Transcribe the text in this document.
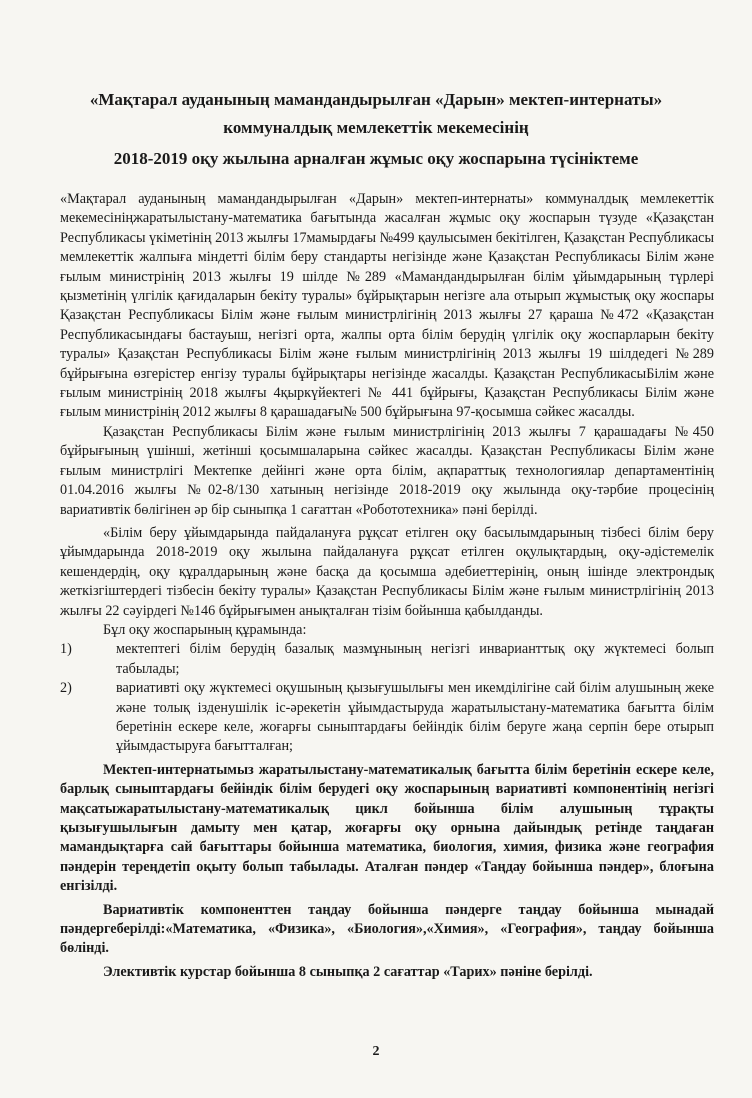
«Мақтарал ауданының мамандандырылған «Дарын» мектеп-интернаты»
коммуналдық мемлекеттік мекемесінің
2018-2019 оқу жылына арналған жұмыс оқу жоспарына түсініктеме

«Мақтарал ауданының мамандандырылған «Дарын» мектеп-интернаты» коммуналдық мемлекеттік мекемесініңжаратылыстану-математика бағытында жасалған жұмыс оқу жоспарын түзуде «Қазақстан Республикасы үкіметінің 2013 жылғы 17мамырдағы №499 қаулысымен бекітілген, Қазақстан Республикасы мемлекеттік жалпыға міндетті білім беру стандарты негізінде және Қазақстан Республикасы Білім және ғылым министрінің 2013 жылғы 19 шілде №289 «Мамандандырылған білім ұйымдарының түрлері қызметінің үлгілік қағидаларын бекіту туралы» бұйрықтарын негізге ала отырып жұмыстық оқу жоспары Қазақстан Республикасы Білім және ғылым министрлігінің 2013 жылғы 27 қараша №472 «Қазақстан Республикасындағы бастауыш, негізгі орта, жалпы орта білім берудің үлгілік оқу жоспарларын бекіту туралы» Қазақстан Республикасы Білім және ғылым министрлігінің 2013 жылғы 19 шілдедегі №289 бұйрығына өзгерістер енгізу туралы бұйрықтары негізінде жасалды. Қазақстан РеспубликасыБілім және ғылым министрінің 2018 жылғы 4қыркүйектегі № 441 бұйрығы, Қазақстан Республикасы Білім және ғылым министрінің 2012 жылғы 8 қарашадағы№ 500 бұйрығына 97-қосымша сәйкес жасалды.

Қазақстан Республикасы Білім және ғылым министрлігінің 2013 жылғы 7 қарашадағы №450 бұйрығының үшінші, жетінші қосымшаларына сәйкес жасалды. Қазақстан Республикасы Білім және ғылым министрлігі Мектепке дейінгі және орта білім, ақпараттық технологиялар департаментінің 01.04.2016 жылғы №02-8/130 хатының негізінде 2018-2019 оқу жылында оқу-тәрбие процесінің вариативтік бөлігінен әр бір сыныпқа 1 сағаттан «Робототехника» пәні берілді.

«Білім беру ұйымдарында пайдалануға рұқсат етілген оқу басылымдарының тізбесі білім беру ұйымдарында 2018-2019 оқу жылына пайдалануға рұқсат етілген оқулықтардың, оқу-әдістемелік кешендердің, оқу құралдарының және басқа да қосымша әдебиеттерінің, оның ішінде электрондық жеткізгіштердегі тізбесін бекіту туралы» Қазақстан Республикасы Білім және ғылым министрлігінің 2013 жылғы 22 сәуірдегі №146 бұйрығымен анықталған тізім бойынша қабылданды.

Бұл оқу жоспарының құрамында:

1)	мектептегі білім берудің базалық мазмұнының негізгі инварианттық оқу жүктемесі болып табылады;
2)	вариативті оқу жүктемесі оқушының қызығушылығы мен икемділігіне сай білім алушының жеке және толық ізденушілік іс-әрекетін ұйымдастыруда жаратылыстану-математика бағытта білім беретінін ескере келе, жоғарғы сыныптардағы бейіндік білім беруге жаңа серпін бере отырып ұйымдастыруға бағытталған;

Мектеп-интернатымыз жаратылыстану-математикалық бағытта білім беретінін ескере келе, барлық сыныптардағы бейіндік білім берудегі оқу жоспарының вариативті компонентінің негізгі мақсатыжаратылыстану-математикалық цикл бойынша білім алушының тұрақты қызығушылығын дамыту мен қатар, жоғарғы оқу орнына дайындық ретінде таңдаған мамандықтарға сай бағыттары бойынша математика, биология, химия, физика және география пәндерін тереңдетіп оқыту болып табылады. Аталған пәндер «Таңдау бойынша пәндер», блоғына енгізілді.

Вариативтік компоненттен таңдау бойынша пәндерге таңдау бойынша мынадай пәндергеберілді:«Математика, «Физика», «Биология»,«Химия», «География», таңдау бойынша бөлінді.

Элективтік курстар бойынша 8 сыныпқа 2 сағаттар «Тарих» пәніне берілді.

2
